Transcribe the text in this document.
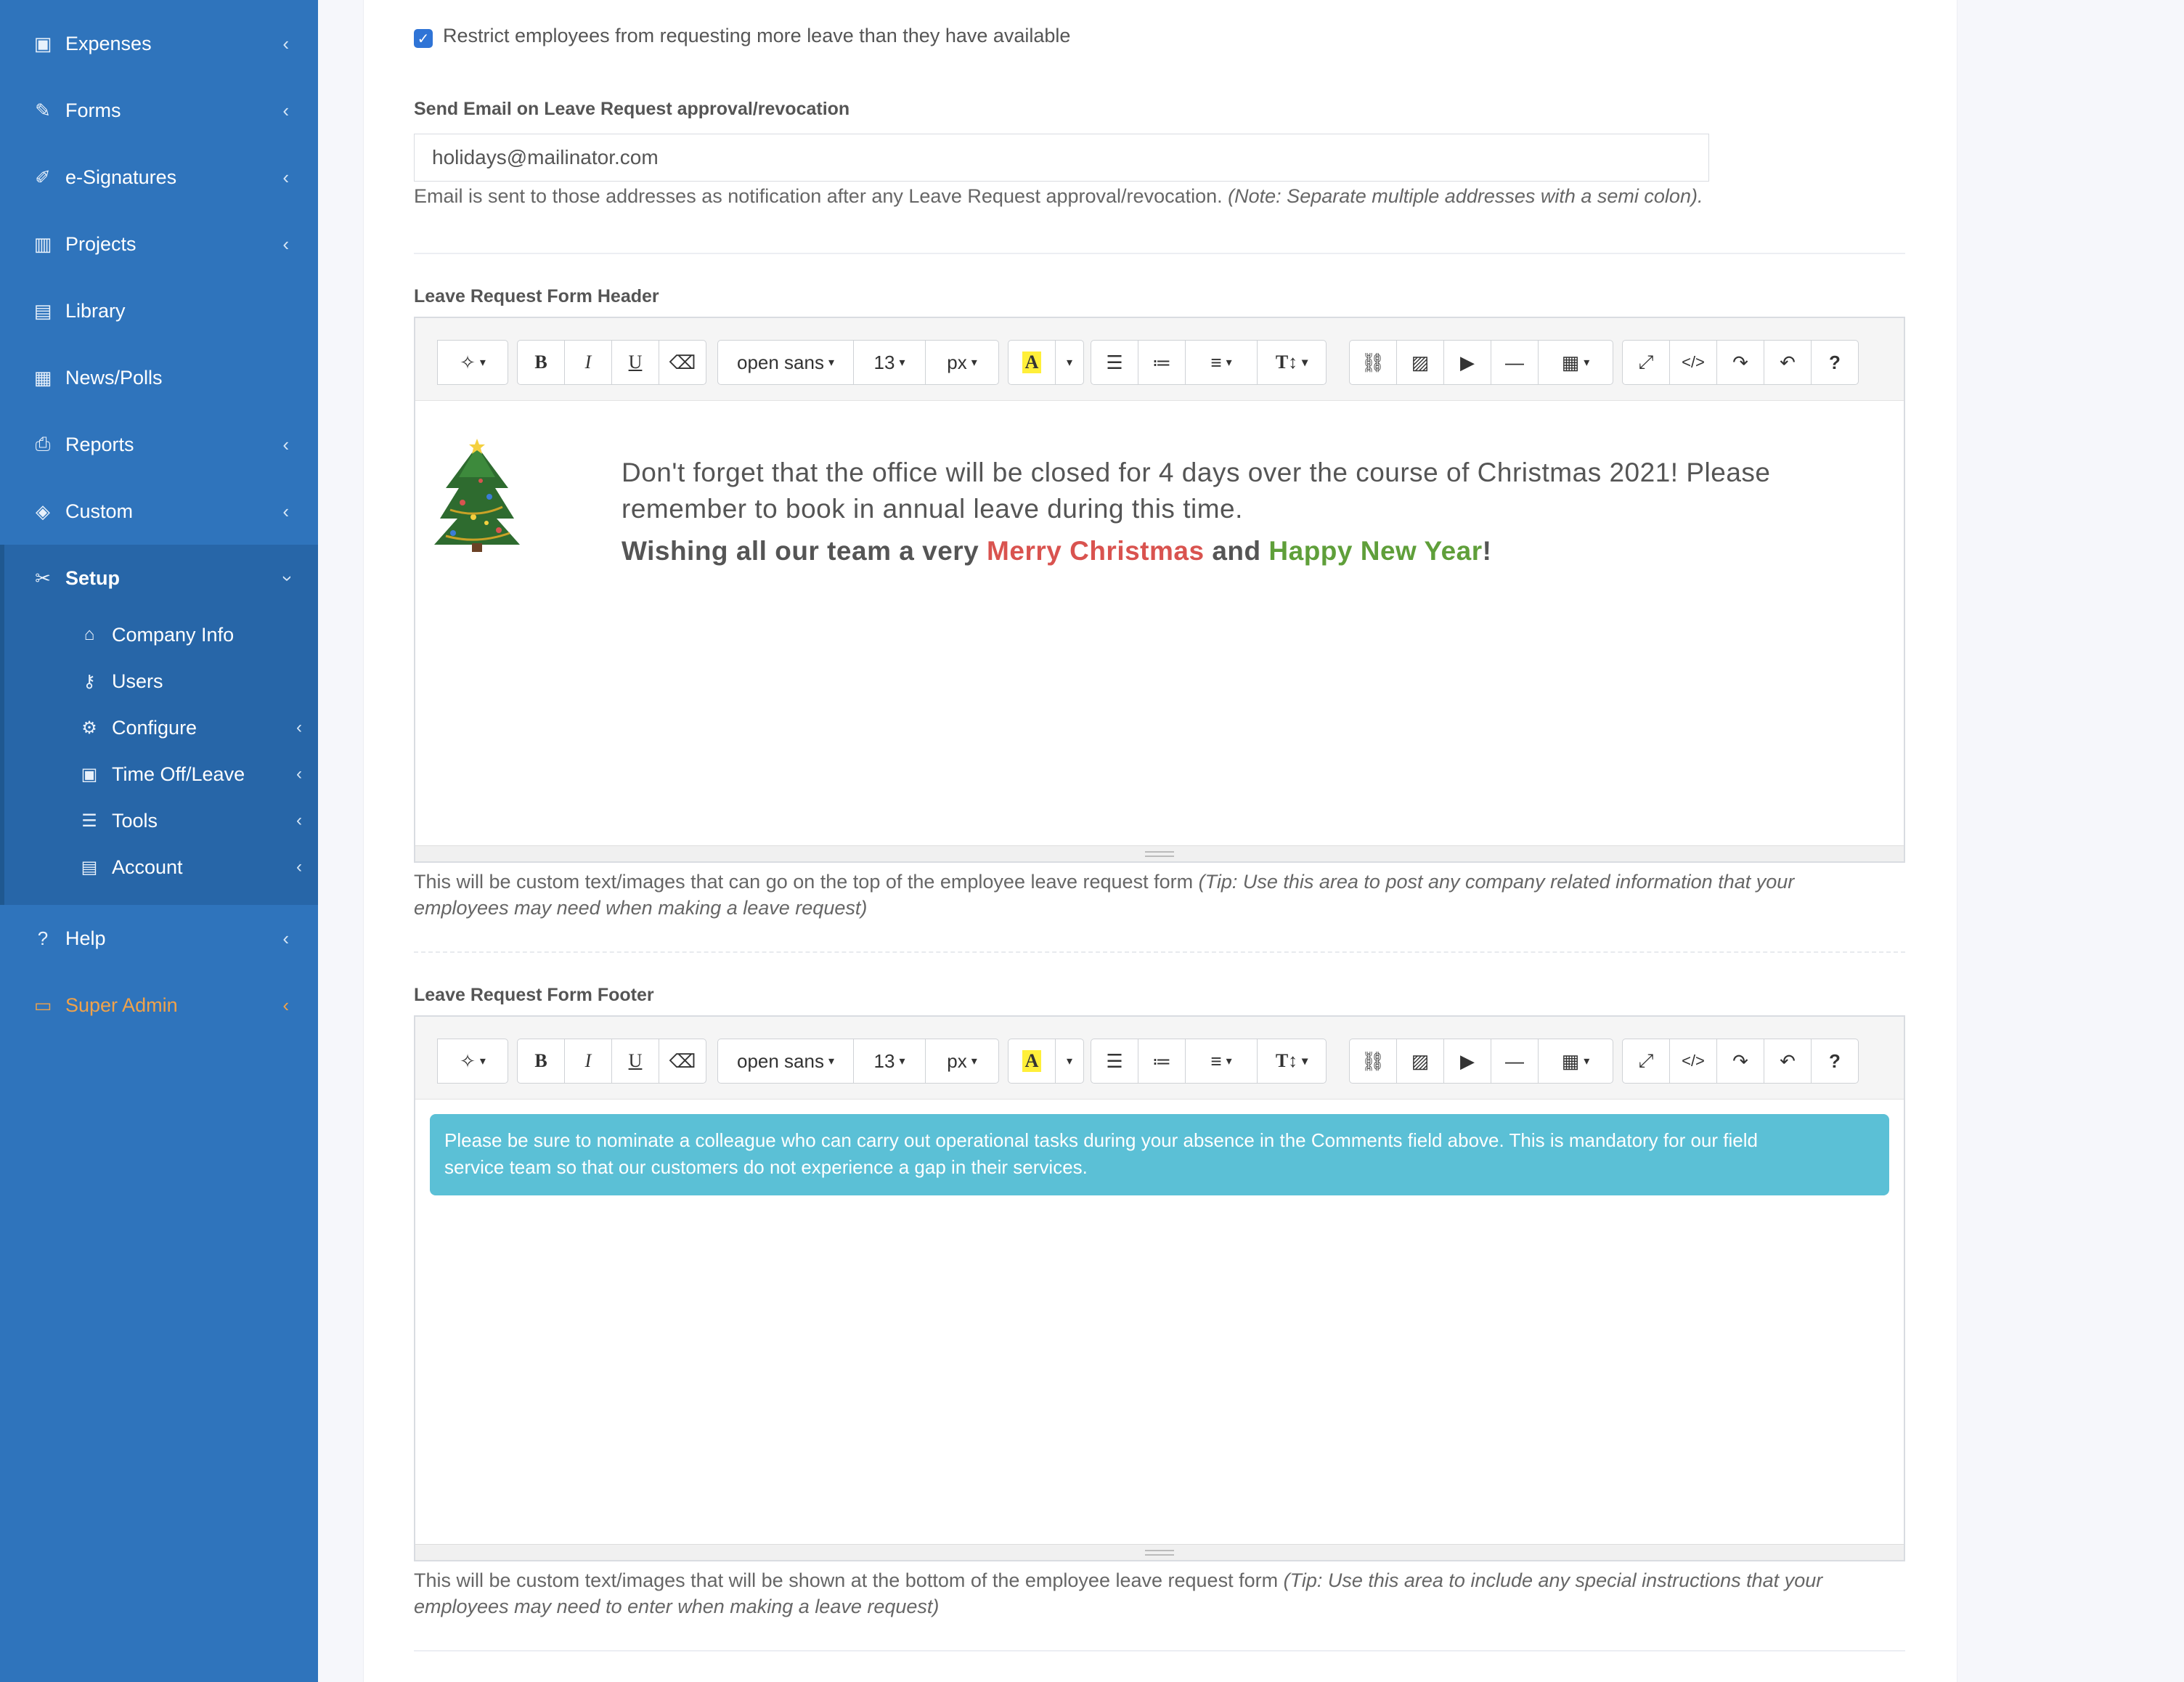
▣ Expenses	‹
✎ Forms	‹
✐ e-Signatures	‹
▥ Projects	‹
▤ Library
▦ News/Polls
⎙ Reports	‹
◈ Custom	‹
✂ Setup	‹
⌂ Company Info
⚷ Users
⚙ Configure	‹
▣ Time Off/Leave	‹
☰ Tools	‹
▤ Account	‹
? Help	‹
▭ Super Admin	‹
✓ Restrict employees from requesting more leave than they have available
Send Email on Leave Request approval/revocation
holidays@mailinator.com
Email is sent to those addresses as notification after any Leave Request approval/revocation. (Note: Separate multiple addresses with a semi colon).
Leave Request Form Header
✧ ▾	B	I	U	⌫ open sans ▾ 13 ▾ px ▾	A ▾ ☰ ≔ ≡ ▾ T↕ ▾	⛓ ▨ ▶ — ▦ ▾	⤢	</>	↷ ↶	?
Don't forget that the office will be closed for 4 days over the course of Christmas 2021! Please
remember to book in annual leave during this time.
Wishing all our team a very Merry Christmas and Happy New Year!
This will be custom text/images that can go on the top of the employee leave request form (Tip: Use this area to post any company related information that your
employees may need when making a leave request)
Leave Request Form Footer
✧ ▾	B	I	U	⌫ open sans ▾ 13 ▾ px ▾	A ▾ ☰ ≔ ≡ ▾ T↕ ▾	⛓ ▨ ▶ — ▦ ▾	⤢	</>	↷ ↶	?
Please be sure to nominate a colleague who can carry out operational tasks during your absence in the Comments field above. This is mandatory for our field
service team so that our customers do not experience a gap in their services.
This will be custom text/images that will be shown at the bottom of the employee leave request form (Tip: Use this area to include any special instructions that your
employees may need to enter when making a leave request)
